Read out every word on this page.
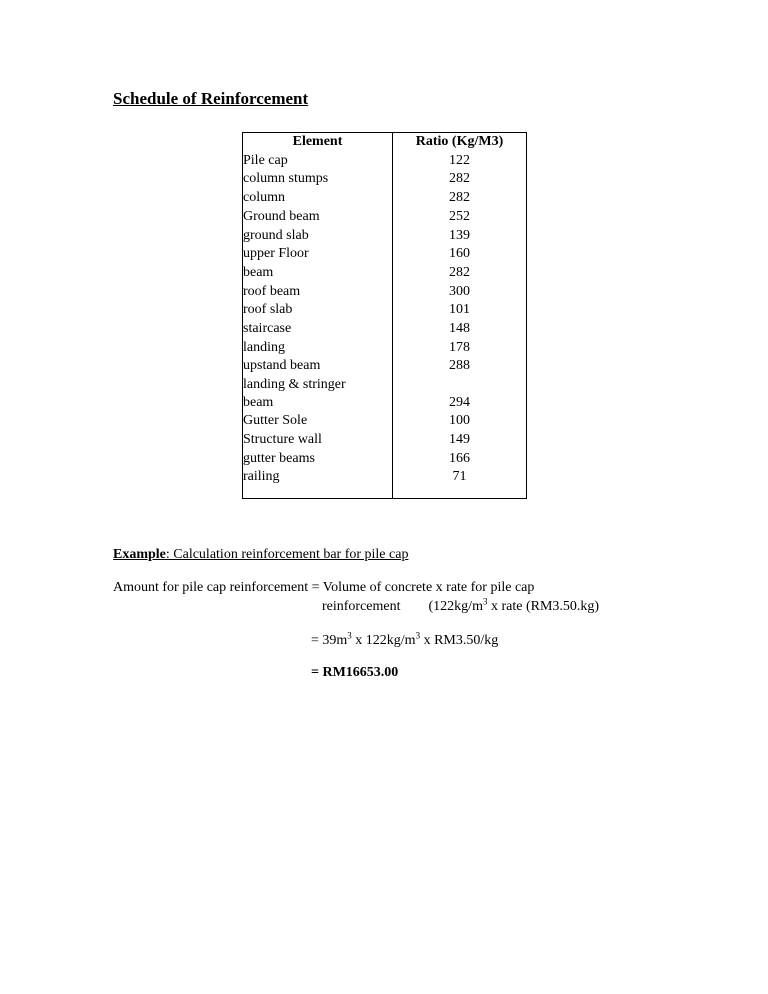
Schedule of Reinforcement
Element	Ratio (Kg/M3)
Pile cap	122
column stumps	282
column	282
Ground beam	252
ground slab	139
upper Floor	160
beam	282
roof beam	300
roof slab	101
staircase	148
landing	178
upstand beam	288
landing & stringer
beam	294
Gutter Sole	100
Structure wall	149
gutter beams	166
railing	71

Example: Calculation reinforcement bar for pile cap

Amount for pile cap reinforcement = Volume of concrete x rate for pile cap
reinforcement ($122kg/m^3$ x rate (RM3.50.kg)
= $39m^3$ x $122kg/m^3$ x RM3.50/kg
= RM16653.00
